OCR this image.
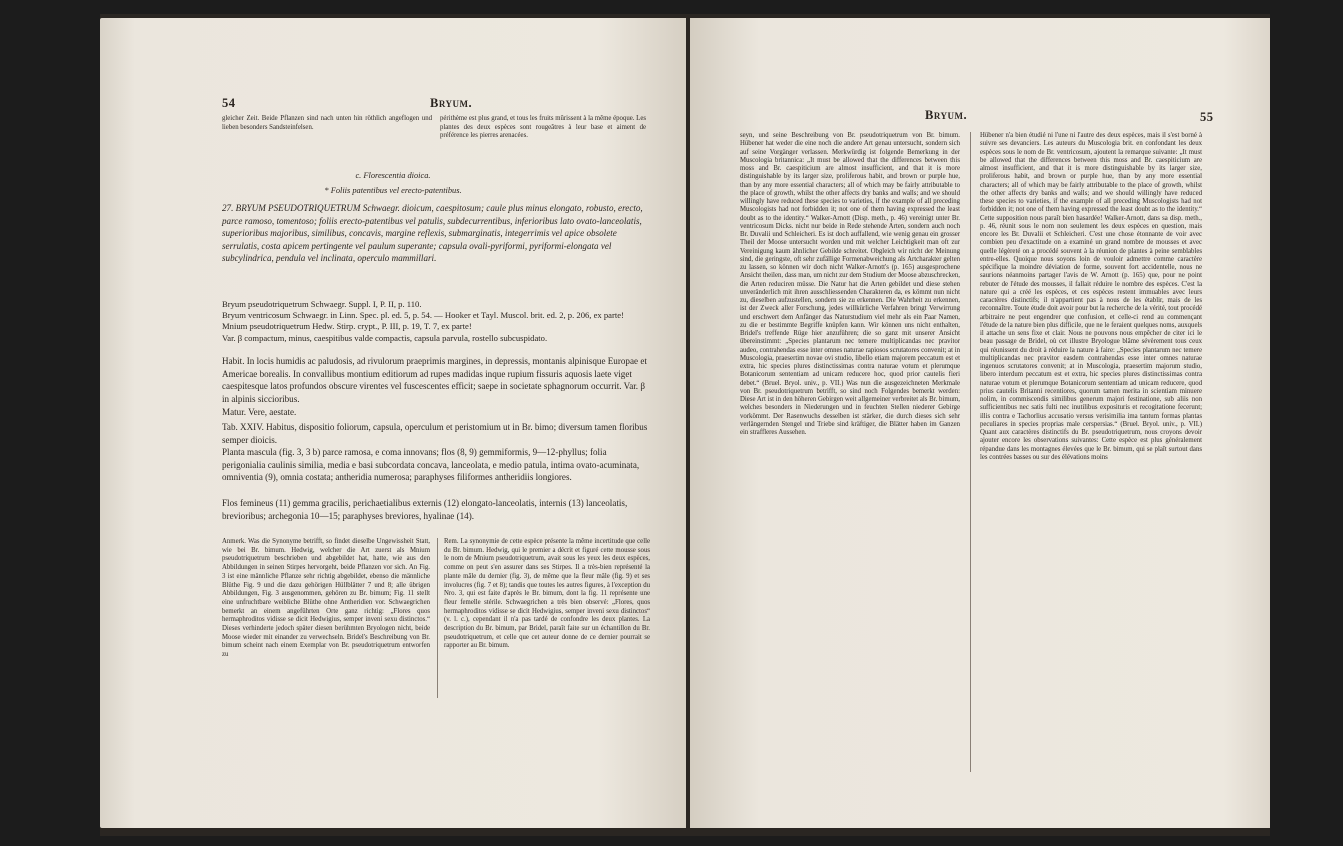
54	Bryum.
gleicher Zeit. Beide Pflanzen sind nach unten hin röthlich angeflogen und lieben besonders Sandsteinfelsen.
périthème est plus grand, et tous les fruits mûrissent à la même époque. Les plantes des deux espèces sont rougeâtres à leur base et aiment de préférence les pierres arenacées.
c. Florescentia dioica.
* Foliis patentibus vel erecto-patentibus.
27. BRYUM PSEUDOTRIQUETRUM Schwaegr. dioicum, caespitosum; caule plus minus elongato, robusto, erecto, parce ramoso, tomentoso; foliis erecto-patentibus vel patulis, subdecurrentibus, inferioribus lato ovato-lanceolatis, superioribus majoribus, similibus, concavis, margine reflexis, submarginatis, integerrimis vel apice obsolete serrulatis, costa apicem pertingente vel paulum superante; capsula ovali-pyriformi, pyriformi-elongata vel subcylindrica, pendula vel inclinata, operculo mammillari.
Bryum pseudotriquetrum Schwaegr. Suppl. I, P. II, p. 110.
Bryum ventricosum Schwaegr. in Linn. Spec. pl. ed. 5, p. 54. — Hooker et Tayl. Muscol. brit. ed. 2, p. 206, ex parte!
Mnium pseudotriquetrum Hedw. Stirp. crypt., P. III, p. 19, T. 7, ex parte!
Var. β compactum, minus, caespitibus valde compactis, capsula parvula, rostello subcuspidato.
Habit. In locis humidis ac paludosis, ad rivulorum praeprimis margines, in depressis, montanis alpinisque Europae et Americae borealis. In convallibus montium editiorum ad rupes madidas inque rupium fissuris aquosis laete viget caespitesque latos profundos obscure virentes vel fuscescentes efficit; saepe in societate sphagnorum occurrit. Var. β in alpinis siccioribus.
Matur. Vere, aestate.
Tab. XXIV. Habitus, dispositio foliorum, capsula, operculum et peristomium ut in Br. bimo; diversum tamen floribus semper dioicis.
Planta mascula (fig. 3, 3 b) parce ramosa, e coma innovans; flos (8, 9) gemmiformis, 9—12-phyllus; folia perigonialia caulinis similia, media e basi subcordata concava, lanceolata, e medio patula, intima ovato-acuminata, omniventia (9), omnia costata; antheridia numerosa; paraphyses filiformes antheridiis longiores.
Flos femineus (11) gemma gracilis, perichaetialibus externis (12) elongato-lanceolatis, internis (13) lanceolatis, brevioribus; archegonia 10—15; paraphyses breviores, hyalinae (14).
Anmerk. Was die Synonyme betrifft, so findet dieselbe Ungewissheit Statt, wie bei Br. bimum. Hedwig, welcher die Art zuerst als Mnium pseudotriquetrum beschrieben und abgebildet hat, hatte, wie aus den Abbildungen in seinen Stirpes hervorgeht, beide Pflanzen vor sich. An Fig. 3 ist eine männliche Pflanze sehr richtig abgebildet, ebenso die männliche Blüthe Fig. 9 und die dazu gehörigen Hüllblätter 7 und 8; alle übrigen Abbildungen, Fig. 3 ausgenommen, gehören zu Br. bimum; Fig. 11 stellt eine unfruchtbare weibliche Blüthe ohne Antheridien vor. Schwaegrichen bemerkt an einem angeführten Orte ganz richtig: „Flores quos hermaphroditos vidisse se dicit Hedwigius, semper inveni sexu distinctos.“ Dieses verhinderte jedoch später diesen berühmten Bryologen nicht, beide Moose wieder mit einander zu verwechseln. Bridel's Beschreibung von Br. bimum scheint nach einem Exemplar von Br. pseudotriquetrum entworfen zu
Rem. La synonymie de cette espèce présente la même incertitude que celle du Br. bimum. Hedwig, qui le premier a décrit et figuré cette mousse sous le nom de Mnium pseudotriquetrum, avait sous les yeux les deux espèces, comme on peut s'en assurer dans ses Stirpes. Il a très-bien représenté la plante mâle du dernier (fig. 3), de même que la fleur mâle (fig. 9) et ses involucres (fig. 7 et 8); tandis que toutes les autres figures, à l'exception du Nro. 3, qui est faite d'après le Br. bimum, dont la fig. 11 représente une fleur femelle stérile. Schwaegrichen a très bien observé: „Flores, quos hermaphroditos vidisse se dicit Hedwigius, semper inveni sexu distinctos“ (v. l. c.), cependant il n'a pas tardé de confondre les deux plantes. La description du Br. bimum, par Bridel, paraît faite sur un échantillon du Br. pseudotriquetrum, et celle que cet auteur donne de ce dernier pourrait se rapporter au Br. bimum.
Bryum.	55
seyn, und seine Beschreibung von Br. pseudotriquetrum von Br. bimum. Hübener hat weder die eine noch die andere Art genau untersucht, sondern sich auf seine Vorgänger verlassen. Merkwürdig ist folgende Bemerkung in der Muscologia britannica: „It must be allowed that the differences between this moss and Br. caespiticium are almost insufficient, and that it is more distinguishable by its larger size, proliferous habit, and brown or purple hue, than by any more essential characters; all of which may be fairly attributable to the place of growth, whilst the other affects dry banks and walls; and we should willingly have reduced these species to varieties, if the example of all preceding Muscologists had not forbidden it; not one of them having expressed the least doubt as to the identity.“ Walker-Arnott (Disp. meth., p. 46) vereinigt unter Br. ventricosum Dicks. nicht nur beide in Rede stehende Arten, sondern auch noch Br. Duvalii und Schleicheri. Es ist doch auffallend, wie wenig genau ein grosser Theil der Moose untersucht worden und mit welcher Leichtigkeit man oft zur Vereinigung kaum ähnlicher Gebilde schreitet. Obgleich wir nicht der Meinung sind, die geringste, oft sehr zufällige Formenabweichung als Artcharakter gelten zu lassen, so können wir doch nicht Walker-Arnott's (p. 165) ausgesprochene Ansicht theilen, dass man, um nicht zur dem Studium der Moose abzuschrecken, die Arten reduciren müsse. Die Natur hat die Arten gebildet und diese stehen unveränderlich mit ihren ausschliessenden Charakteren da, es kömmt nun nicht zu, dieselben aufzustellen, sondern sie zu erkennen. Die Wahrheit zu erkennen, ist der Zweck aller Forschung, jedes willkürliche Verfahren bringt Verwirrung und erschwert dem Anfänger das Naturstudium viel mehr als ein Paar Namen, zu die er bestimmte Begriffe knüpfen kann. Wir können uns nicht enthalten, Bridel's treffende Rüge hier anzuführen; die so ganz mit unserer Ansicht übereinstimmt: „Species plantarum nec temere multiplicandas nec pravitor audeo, contrahendas esse inter omnes naturae rapiosos scrutatores convenit; at in Muscologia, praesertim novae ovi studio, libello etiam majorem peccatum est et extra, hic species plures distinctissimas contra naturae votum et plerumque Botanicorum sententiam ad unicam reducere hoc, quod prior cautelis fieri debet.“ (Bruel. Bryol. univ., p. VII.) Was nun die ausgezeichneten Merkmale von Br. pseudotriquetrum betrifft, so sind noch Folgendes bemerkt werden: Diese Art ist in den höheren Gebirgen weit allgemeiner verbreitet als Br. bimum, welches besonders in Niederungen und in feuchten Stellen niederer Gebirge vorkömmt. Der Rasenwuchs desselben ist stärker, die durch dieses sich sehr verlängernden Stengel und Triebe sind kräftiger, die Blätter haben im Ganzen ein straffleres Aussehen.
Hübener n'a bien étudié ni l'une ni l'autre des deux espèces, mais il s'est borné à suivre ses devanciers. Les auteurs du Muscologia brit. en confondant les deux espèces sous le nom de Br. ventricosum, ajoutent la remarque suivante: „It must be allowed that the differences between this moss and Br. caespiticium are almost insufficient, and that it is more distinguishable by its larger size, proliferous habit, and brown or purple hue, than by any more essential characters; all of which may be fairly attributable to the place of growth, whilst the other affects dry banks and walls; and we should willingly have reduced these species to varieties, if the example of all preceding Muscologists had not forbidden it; not one of them having expressed the least doubt as to the identity.“ Cette supposition nous paraît bien hasardée! Walker-Arnott, dans sa disp. meth., p. 46, réunit sous le nom non seulement les deux espèces en question, mais encore les Br. Duvalii et Schleicheri. C'est une chose étonnante de voir avec combien peu d'exactitude on a examiné un grand nombre de mousses et avec quelle légèreté on a procédé souvent à la réunion de plantes à peine semblables entre-elles. Quoique nous soyons loin de vouloir admettre comme caractère spécifique la moindre déviation de forme, souvent fort accidentelle, nous ne saurions néanmoins partager l'avis de W. Arnott (p. 165) que, pour ne point rebuter de l'étude des mousses, il fallait réduire le nombre des espèces. C'est la nature qui a créé les espèces, et ces espèces restent immuables avec leurs caractères distinctifs; il n'appartient pas à nous de les établir, mais de les reconnaître. Toute étude doit avoir pour but la recherche de la vérité, tout procédé arbitraire ne peut engendrer que confusion, et celle-ci rend au commençant l'étude de la nature bien plus difficile, que ne le feraient quelques noms, auxquels il attache un sens fixe et clair. Nous ne pouvons nous empêcher de citer ici le beau passage de Bridel, où cet illustre Bryologue blâme sévèrement tous ceux qui réunissent du droit à réduire la nature à faire: „Species plantarum nec temere multiplicandas nec pravitor easdem contrahendas esse inter omnes naturae ingenuos scrutatores convenit; at in Muscologia, praesertim majorum studio, libero interdum peccatum est et extra, hic species plures distinctissimas contra naturae votum et plerumque Botanicorum sententiam ad unicam reducere, quod prius cautelis Britanni recentiores, quorum tamen merita in scientiam minuere nolim, in commiscendis similibus generum majori festinatione, sub aliis non sufficientibus nec satis fulti nec inutilibus exposituris et recogitatione fecerunt; illis contra e Tachorlius accusatio versus verisimilia ima tantum formas plantas peculiares in species proprias male cerspersias.“ (Bruel. Bryol. univ., p. VII.) Quant aux caractères distinctifs du Br. pseudotriquetrum, nous croyons devoir ajouter encore les observations suivantes: Cette espèce est plus généralement répandue dans les montagnes élevées que le Br. bimum, qui se plaît surtout dans les contrées basses ou sur des élévations moins
